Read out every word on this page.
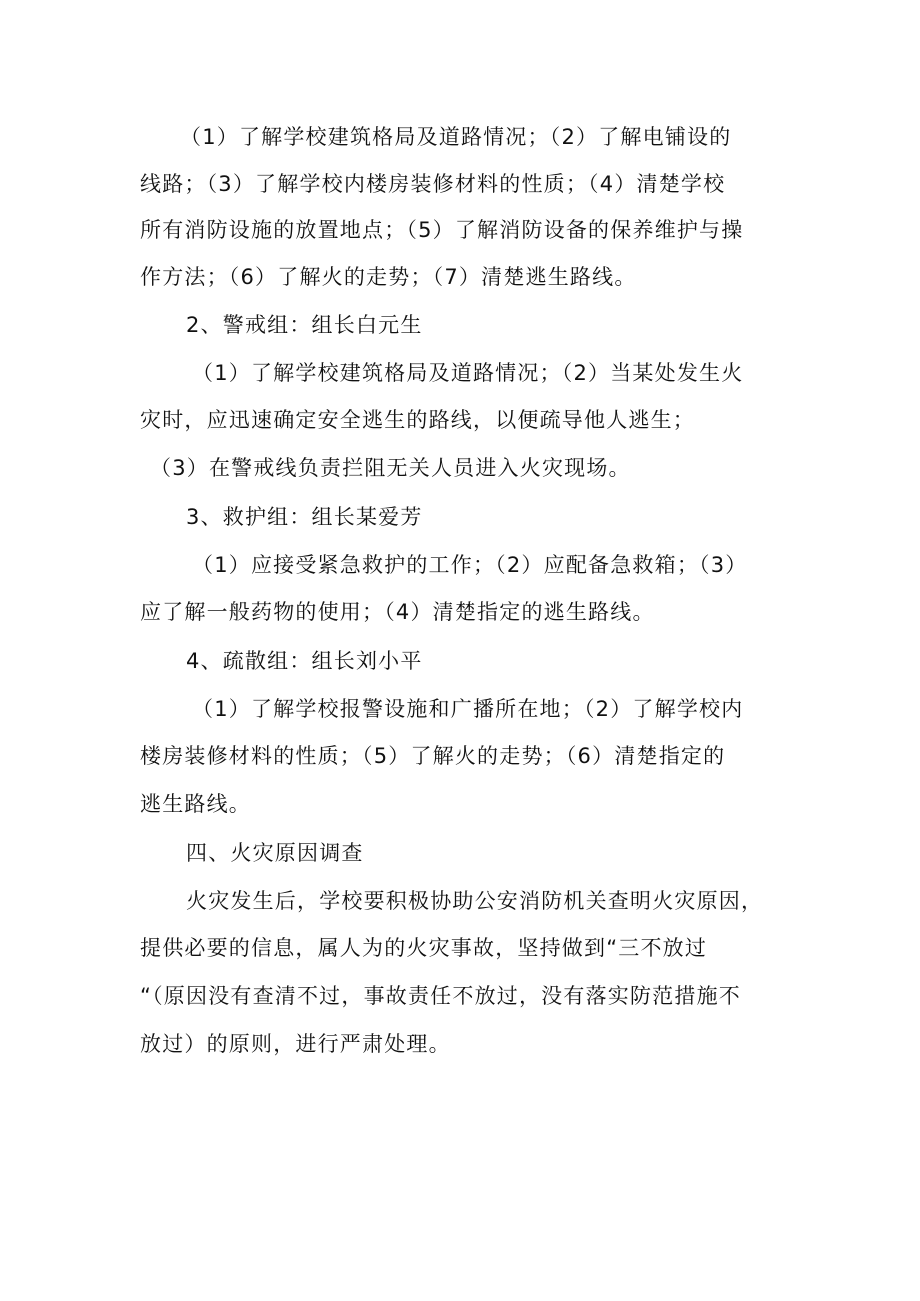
（1）了解学校建筑格局及道路情况；（2）了解电铺设的
线路；（3）了解学校内楼房装修材料的性质；（4）清楚学校
所有消防设施的放置地点；（5）了解消防设备的保养维护与操
作方法；（6）了解火的走势；（7）清楚逃生路线。
2、警戒组：组长白元生
（1）了解学校建筑格局及道路情况；（2）当某处发生火
灾时，应迅速确定安全逃生的路线，以便疏导他人逃生；
（3）在警戒线负责拦阻无关人员进入火灾现场。
3、救护组：组长某爱芳
（1）应接受紧急救护的工作；（2）应配备急救箱；（3）
应了解一般药物的使用；（4）清楚指定的逃生路线。
4、疏散组：组长刘小平
（1）了解学校报警设施和广播所在地；（2）了解学校内
楼房装修材料的性质；（5）了解火的走势；（6）清楚指定的
逃生路线。
四、火灾原因调查
火灾发生后，学校要积极协助公安消防机关查明火灾原因，
提供必要的信息，属人为的火灾事故，坚持做到“三不放过
“（原因没有查清不过，事故责任不放过，没有落实防范措施不
放过）的原则，进行严肃处理。
